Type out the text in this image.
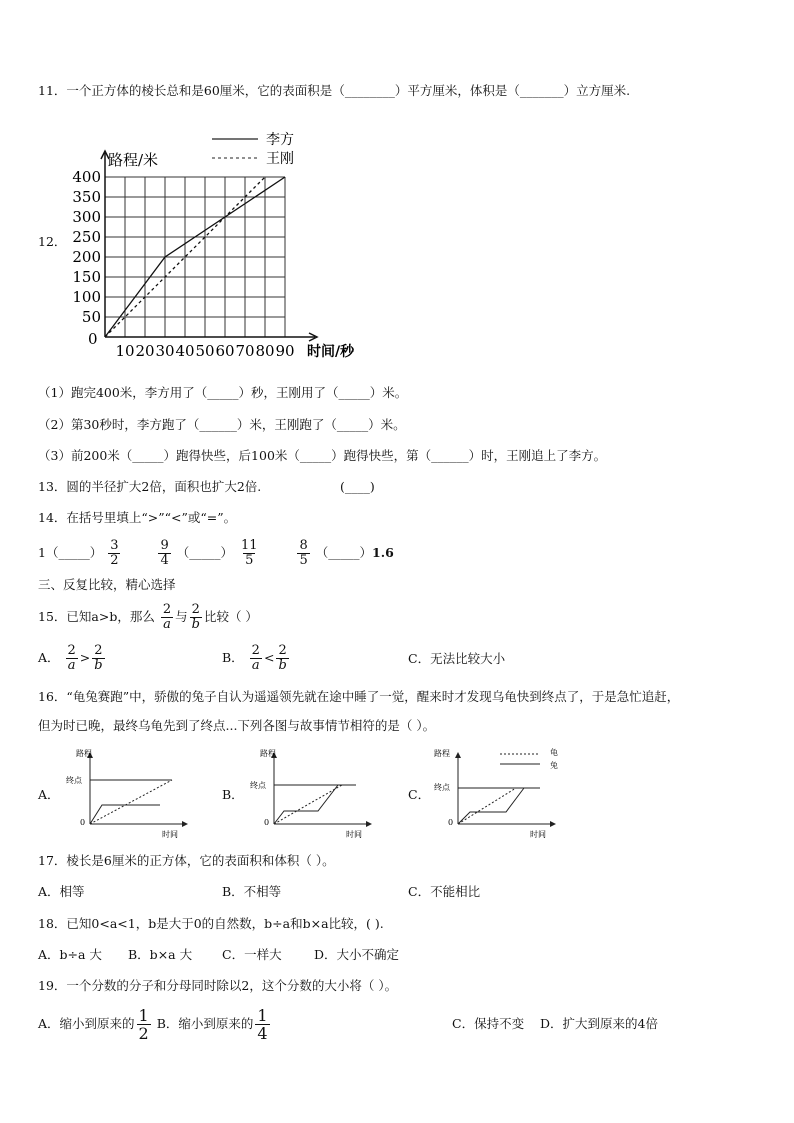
11．一个正方体的棱长总和是60厘米，它的表面积是（________）平方厘米，体积是（_______）立方厘米.
12．
400
350
300
250
200
150
100
50
10 20 30 40 50 60 70 80 90
李方
王刚
路程/米
时间/秒
0
（1）跑完400米，李方用了（_____）秒，王刚用了（_____）米。
（2）第30秒时，李方跑了（______）米，王刚跑了（_____）米。
（3）前200米（_____）跑得快些，后100米（_____）跑得快些，第（______）时，王刚追上了李方。
13．圆的半径扩大2倍，面积也扩大2倍.	(____)
14．在括号里填上“>”“<”或“=”。
1（_____） $\frac{3}{2}$
	$\frac{9}{4}$ （_____） $\frac{11}{5}$
	$\frac{8}{5}$ （_____）1.6
三、反复比较，精心选择
15．已知a>b，那么 $\frac{2}{a}$ 与 $\frac{2}{b}$ 比较（ ）
A． $\frac{2}{a} > \frac{2}{b}$	B． $\frac{2}{a} < \frac{2}{b}$	C．无法比较大小
16．“龟兔赛跑”中，骄傲的兔子自认为遥遥领先就在途中睡了一觉，醒来时才发现乌龟快到终点了，于是急忙追赶，
但为时已晚，最终乌龟先到了终点...下列各图与故事情节相符的是（ ）。
A．	B．	C．
路程
终点
0
时间
路程
终点
0
时间
路程
终点
0
时间
龟
兔
17．棱长是6厘米的正方体，它的表面积和体积（ ）。
A．相等	B．不相等	C．不能相比
18．已知0<a<1，b是大于0的自然数，b÷a和b×a比较，( ).
A．b÷a 大 B．b×a 大 C．一样大	D．大小不确定
19．一个分数的分子和分母同时除以2，这个分数的大小将（ ）。
A．缩小到原来的 $\frac{1}{2}$ B．缩小到原来的 $\frac{1}{4}$	C．保持不变 D．扩大到原来的4倍
